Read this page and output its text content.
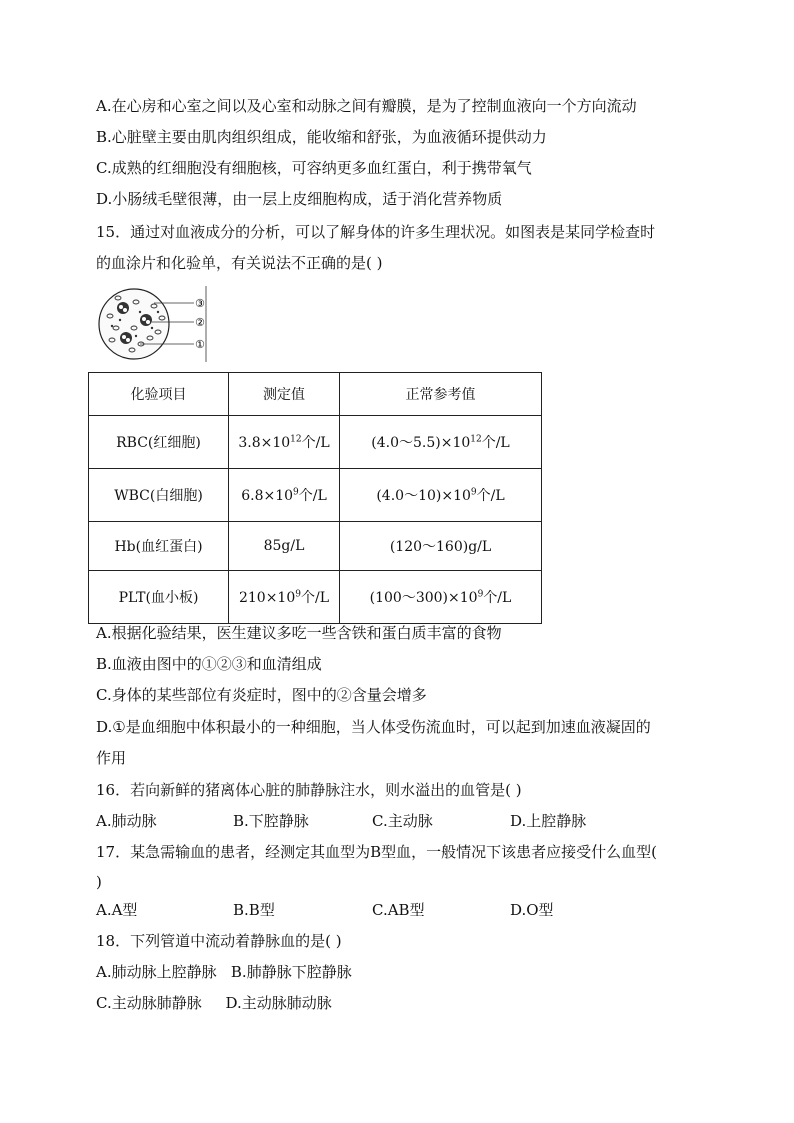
A.在心房和心室之间以及心室和动脉之间有瓣膜，是为了控制血液向一个方向流动
B.心脏壁主要由肌肉组织组成，能收缩和舒张，为血液循环提供动力
C.成熟的红细胞没有细胞核，可容纳更多血红蛋白，利于携带氧气
D.小肠绒毛壁很薄，由一层上皮细胞构成，适于消化营养物质
15．通过对血液成分的分析，可以了解身体的许多生理状况。如图表是某同学检查时
的血涂片和化验单，有关说法不正确的是( )
③
②
①
化验项目	测定值	正常参考值
RBC(红细胞)	$3.8\times 10^{12}$个/L	$(4.0\sim 5.5)\times 10^{12}$个/L
WBC(白细胞)	$6.8\times 10^9$个/L	$(4.0\sim 10)\times 10^9$个/L
Hb(血红蛋白)	85g/L	(120～160)g/L
PLT(血小板)	$210\times 10^9$个/L	$(100\sim 300)\times 10^9$个/L
A.根据化验结果，医生建议多吃一些含铁和蛋白质丰富的食物
B.血液由图中的①②③和血清组成
C.身体的某些部位有炎症时，图中的②含量会增多
D.①是血细胞中体积最小的一种细胞，当人体受伤流血时，可以起到加速血液凝固的
作用
16．若向新鲜的猪离体心脏的肺静脉注水，则水溢出的血管是( )
A.肺动脉	B.下腔静脉	C.主动脉	D.上腔静脉
17．某急需输血的患者，经测定其血型为B型血，一般情况下该患者应接受什么血型(
)
A.A型	B.B型	C.AB型	D.O型
18．下列管道中流动着静脉血的是( )
A.肺动脉上腔静脉   B.肺静脉下腔静脉
C.主动脉肺静脉     D.主动脉肺动脉
